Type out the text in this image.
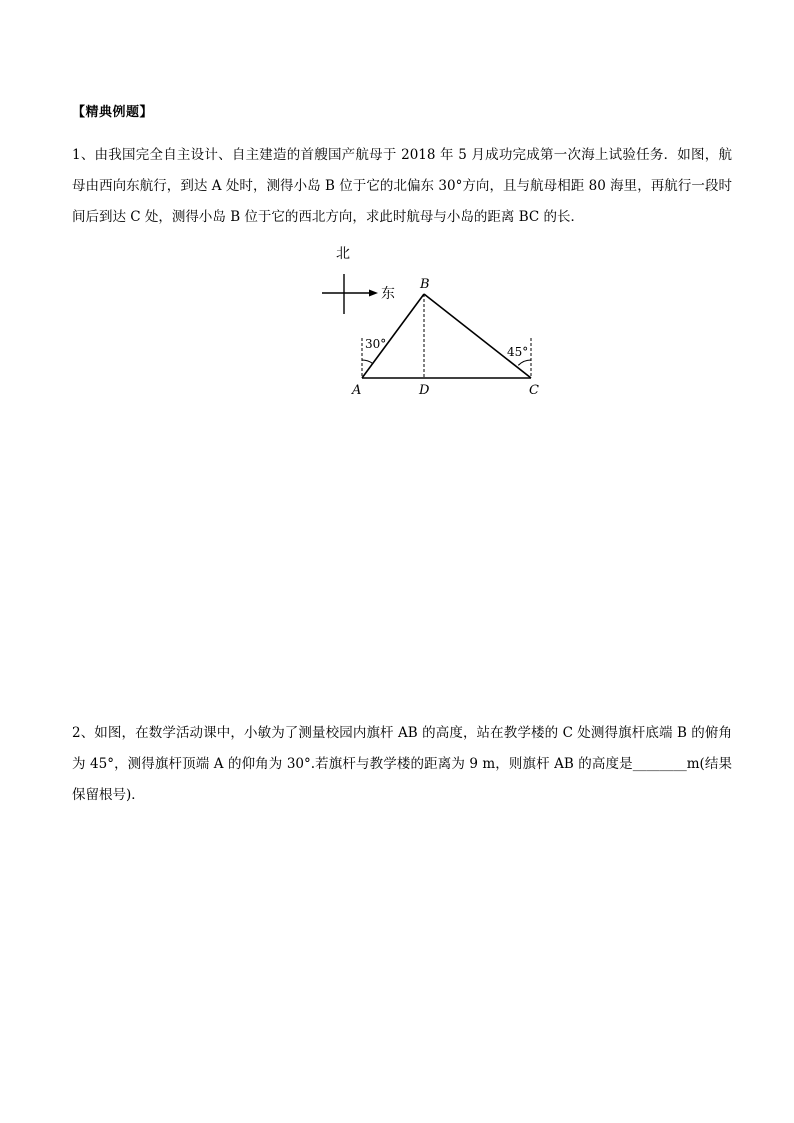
【精典例题】

1、由我国完全自主设计、自主建造的首艘国产航母于 2018 年 5 月成功完成第一次海上试验任务．如图，航母由西向东航行，到达 A 处时，测得小岛 B 位于它的北偏东 30°方向，且与航母相距 80 海里，再航行一段时间后到达 C 处，测得小岛 B 位于它的西北方向，求此时航母与小岛的距离 BC 的长．

北
东
30°
45°
B
A	D	C

2、如图，在数学活动课中，小敏为了测量校园内旗杆 AB 的高度，站在教学楼的 C 处测得旗杆底端 B 的俯角为 45°，测得旗杆顶端 A 的仰角为 30°.若旗杆与教学楼的距离为 9 m，则旗杆 AB 的高度是________m(结果保留根号)．
